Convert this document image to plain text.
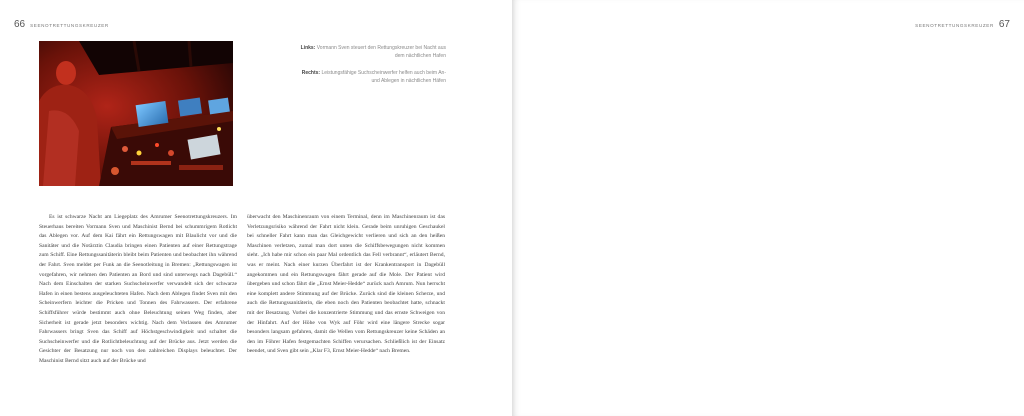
66 SEENOTRETTUNGSKREUZER

Links: Vormann Sven steuert den Rettungskreuzer bei Nacht aus dem nächtlichen Hafen

Rechts: Leistungsfähige Suchscheinwerfer helfen auch beim An- und Ablegen in nächtlichen Häfen

Es ist schwarze Nacht am Liegeplatz des Amrumer Seenotrettungskreuzers. Im Steuerhaus bereiten Vormann Sven und Maschinist Bernd bei schummrigem Rotlicht das Ablegen vor. Auf dem Kai fährt ein Rettungswagen mit Blaulicht vor und die Sanitäter und die Notärztin Claudia bringen einen Patienten auf einer Rettungstrage zum Schiff. Eine Rettungssanitäterin bleibt beim Patienten und beobachtet ihn während der Fahrt. Sven meldet per Funk an die Seenotleitung in Bremen: „Rettungswagen ist vorgefahren, wir nehmen den Patienten an Bord und sind unterwegs nach Dagebüll.“ Nach dem Einschalten der starken Suchscheinwerfer verwandelt sich der schwarze Hafen in einen bestens ausgeleuchteten Hafen. Nach dem Ablegen findet Sven mit den Scheinwerfern leichter die Pricken und Tonnen des Fahrwassers. Der erfahrene Schiffsführer würde bestimmt auch ohne Beleuchtung seinen Weg finden, aber Sicherheit ist gerade jetzt besonders wichtig. Nach dem Verlassen des Amrumer Fahrwassers bringt Sven das Schiff auf Höchstgeschwindigkeit und schaltet die Suchscheinwerfer und die Rotlichtbeleuchtung auf der Brücke aus. Jetzt werden die Gesichter der Besatzung nur noch von den zahlreichen Displays beleuchtet. Der Maschinist Bernd sitzt auch auf der Brücke und
überwacht den Maschinenraum von einem Terminal, denn im Maschinenraum ist das Verletzungsrisiko während der Fahrt nicht klein. Gerade beim unruhigen Geschaukel bei schneller Fahrt kann man das Gleichgewicht verlieren und sich an den heißen Maschinen verletzen, zumal man dort unten die Schiffsbewegungen nicht kommen sieht. „Ich habe mir schon ein paar Mal ordentlich das Fell verbrannt“, erläutert Bernd, was er meint. Nach einer kurzen Überfahrt ist der Krankentransport in Dagebüll angekommen und ein Rettungswagen fährt gerade auf die Mole. Der Patient wird übergeben und schon fährt die „Ernst Meier-Hedde“ zurück nach Amrum. Nun herrscht eine komplett andere Stimmung auf der Brücke. Zurück sind die kleinen Scherze, und auch die Rettungssanitäterin, die eben noch den Patienten beobachtet hatte, schnackt mit der Besatzung. Vorbei die konzentrierte Stimmung und das ernste Schweigen von der Hinfahrt. Auf der Höhe von Wyk auf Föhr wird eine längere Strecke sogar besonders langsam gefahren, damit die Wellen vom Rettungskreuzer keine Schäden an den im Föhrer Hafen festgemachten Schiffen verursachen. Schließlich ist der Einsatz beendet, und Sven gibt sein „Klar F3, Ernst Meier-Hedde“ nach Bremen.
SEENOTRETTUNGSKREUZER 67
